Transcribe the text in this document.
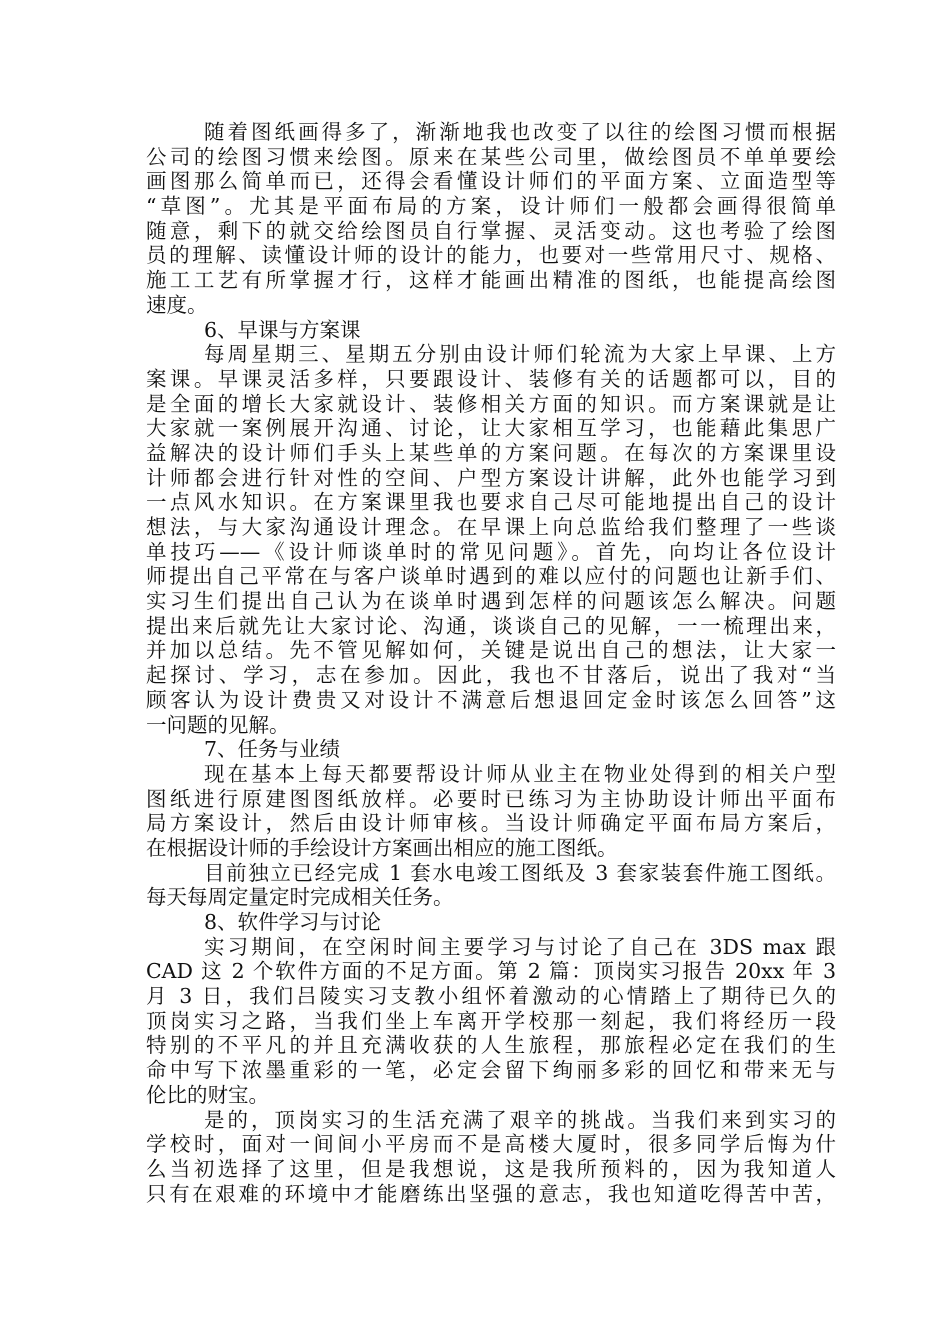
随着图纸画得多了，渐渐地我也改变了以往的绘图习惯而根据
公司的绘图习惯来绘图。原来在某些公司里，做绘图员不单单要绘
画图那么简单而已，还得会看懂设计师们的平面方案、立面造型等
“草图”。尤其是平面布局的方案，设计师们一般都会画得很简单
随意，剩下的就交给绘图员自行掌握、灵活变动。这也考验了绘图
员的理解、读懂设计师的设计的能力，也要对一些常用尺寸、规格、
施工工艺有所掌握才行，这样才能画出精准的图纸，也能提高绘图
速度。
6、早课与方案课
每周星期三、星期五分别由设计师们轮流为大家上早课、上方
案课。早课灵活多样，只要跟设计、装修有关的话题都可以，目的
是全面的增长大家就设计、装修相关方面的知识。而方案课就是让
大家就一案例展开沟通、讨论，让大家相互学习，也能藉此集思广
益解决的设计师们手头上某些单的方案问题。在每次的方案课里设
计师都会进行针对性的空间、户型方案设计讲解，此外也能学习到
一点风水知识。在方案课里我也要求自己尽可能地提出自己的设计
想法，与大家沟通设计理念。在早课上向总监给我们整理了一些谈
单技巧——《设计师谈单时的常见问题》。首先，向均让各位设计
师提出自己平常在与客户谈单时遇到的难以应付的问题也让新手们、
实习生们提出自己认为在谈单时遇到怎样的问题该怎么解决。问题
提出来后就先让大家讨论、沟通，谈谈自己的见解，一一梳理出来，
并加以总结。先不管见解如何，关键是说出自己的想法，让大家一
起探讨、学习，志在参加。因此，我也不甘落后，说出了我对“当
顾客认为设计费贵又对设计不满意后想退回定金时该怎么回答”这
一问题的见解。
7、任务与业绩
现在基本上每天都要帮设计师从业主在物业处得到的相关户型
图纸进行原建图图纸放样。必要时已练习为主协助设计师出平面布
局方案设计，然后由设计师审核。当设计师确定平面布局方案后，
在根据设计师的手绘设计方案画出相应的施工图纸。
目前独立已经完成 1 套水电竣工图纸及 3 套家装套件施工图纸。
每天每周定量定时完成相关任务。
8、软件学习与讨论
实习期间，在空闲时间主要学习与讨论了自己在 3DS max 跟
CAD 这 2 个软件方面的不足方面。第 2 篇：顶岗实习报告 20xx 年 3
月 3 日，我们吕陵实习支教小组怀着激动的心情踏上了期待已久的
顶岗实习之路，当我们坐上车离开学校那一刻起，我们将经历一段
特别的不平凡的并且充满收获的人生旅程，那旅程必定在我们的生
命中写下浓墨重彩的一笔，必定会留下绚丽多彩的回忆和带来无与
伦比的财宝。
是的，顶岗实习的生活充满了艰辛的挑战。当我们来到实习的
学校时，面对一间间小平房而不是高楼大厦时，很多同学后悔为什
么当初选择了这里，但是我想说，这是我所预料的，因为我知道人
只有在艰难的环境中才能磨练出坚强的意志，我也知道吃得苦中苦，
